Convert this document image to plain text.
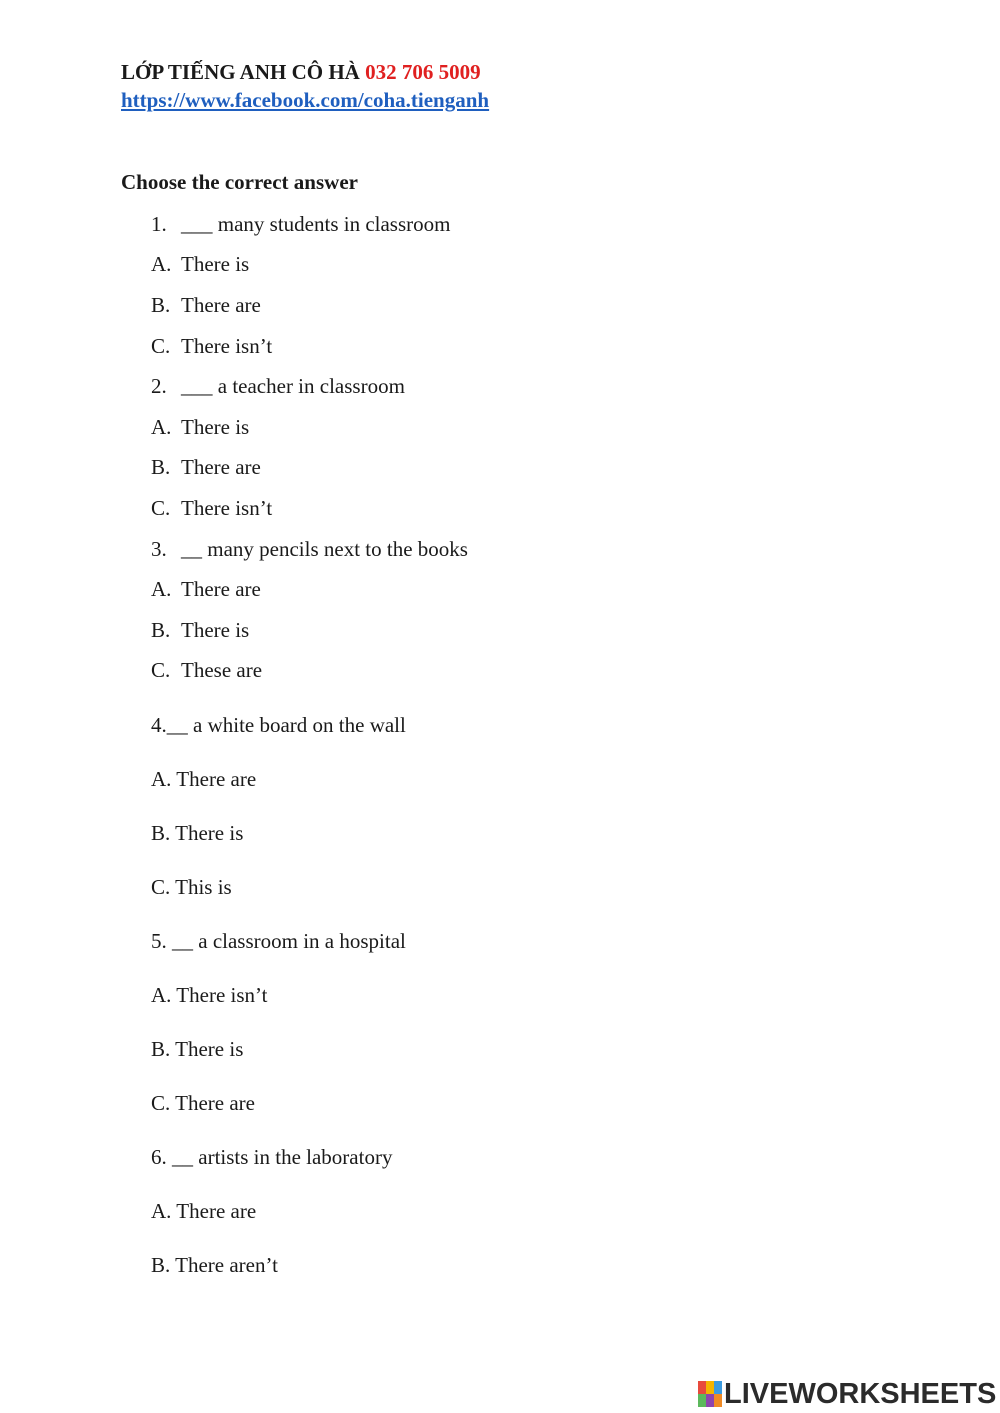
LỚP TIẾNG ANH CÔ HÀ 032 706 5009
https://www.facebook.com/coha.tienganh
Choose the correct answer
1. ___ many students in classroom
A. There is
B. There are
C. There isn’t
2. ___ a teacher in classroom
A. There is
B. There are
C. There isn’t
3. __ many pencils next to the books
A. There are
B. There is
C. These are
4.__ a white board on the wall
A. There are
B. There is
C. This is
5. __ a classroom in a hospital
A. There isn’t
B. There is
C. There are
6. __ artists in the laboratory
A. There are
B. There aren’t
LIVEWORKSHEETS
